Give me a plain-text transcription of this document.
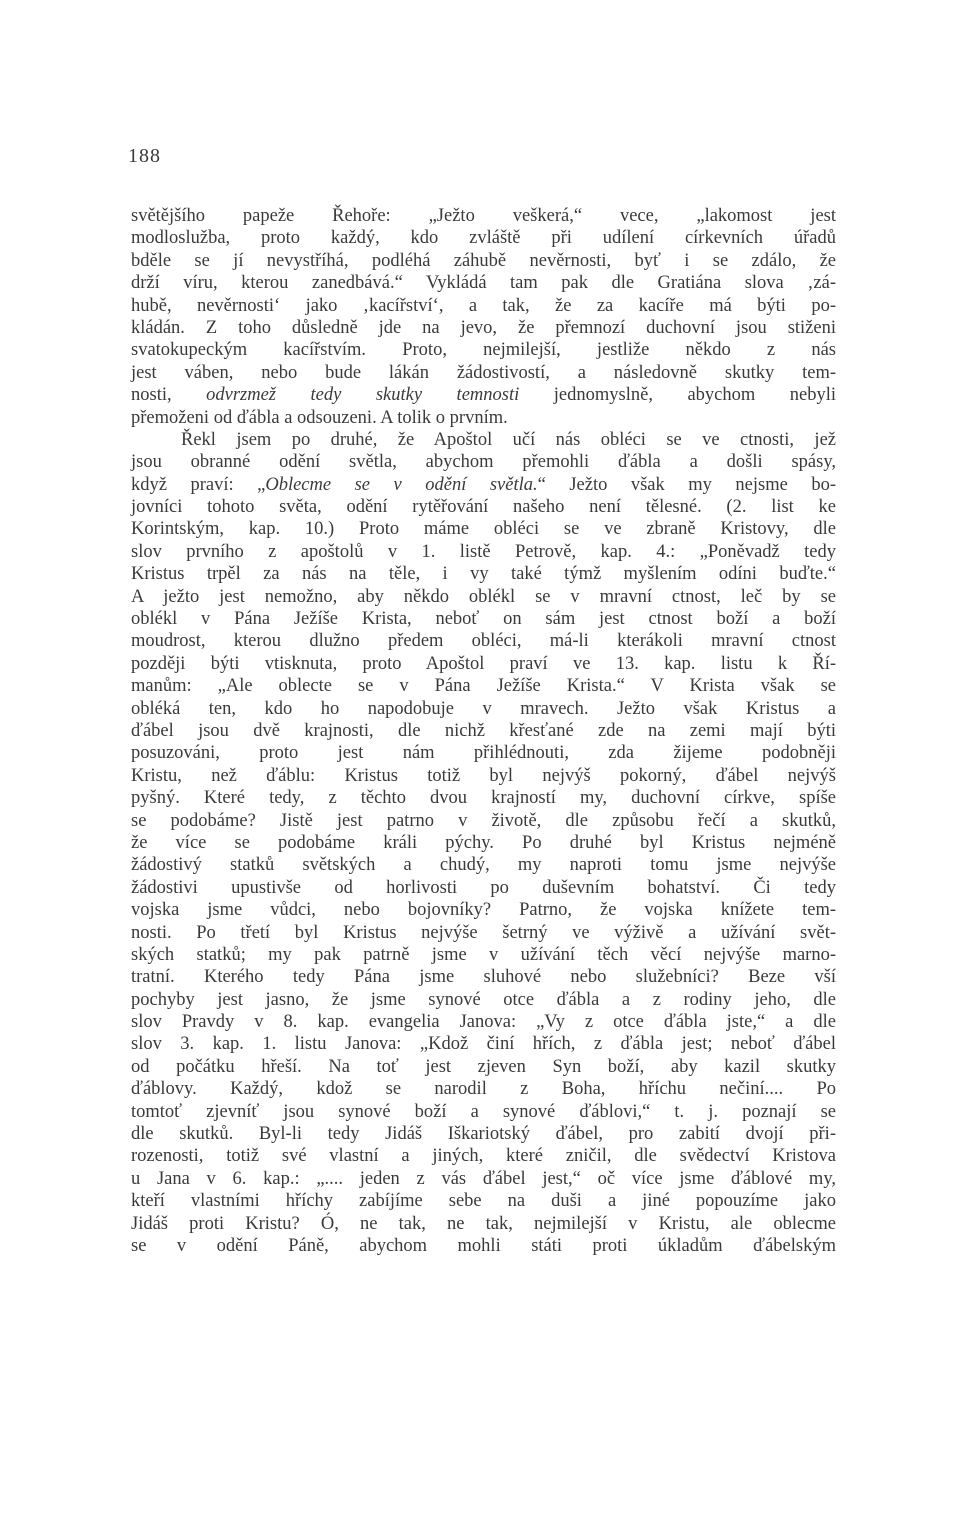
188
světějšího papeže Řehoře: „Ježto veškerá,“ vece, „lakomost jest
modloslužba, proto každý, kdo zvláště při udílení církevních úřadů
bděle se jí nevystříhá, podléhá záhubě nevěrnosti, byť i se zdálo, že
drží víru, kterou zanedbává.“ Vykládá tam pak dle Gratiána slova ‚zá-
hubě, nevěrnosti‘ jako ‚kacířství‘, a tak, že za kacíře má býti po-
kládán. Z toho důsledně jde na jevo, že přemnozí duchovní jsou stiženi
svatokupeckým kacířstvím. Proto, nejmilejší, jestliže někdo z nás
jest váben, nebo bude lákán žádostivostí, a následovně skutky tem-
nosti, odvrzmež tedy skutky temnosti jednomyslně, abychom nebyli
přemoženi od ďábla a odsouzeni. A tolik o prvním.
Řekl jsem po druhé, že Apoštol učí nás obléci se ve ctnosti, jež
jsou obranné odění světla, abychom přemohli ďábla a došli spásy,
když praví: „Oblecme se v odění světla.“ Ježto však my nejsme bo-
jovníci tohoto světa, odění rytěřování našeho není tělesné. (2. list ke
Korintským, kap. 10.) Proto máme obléci se ve zbraně Kristovy, dle
slov prvního z apoštolů v 1. listě Petrově, kap. 4.: „Poněvadž tedy
Kristus trpěl za nás na těle, i vy také týmž myšlením odíni buďte.“
A ježto jest nemožno, aby někdo oblékl se v mravní ctnost, leč by se
oblékl v Pána Ježíše Krista, neboť on sám jest ctnost boží a boží
moudrost, kterou dlužno předem obléci, má-li kterákoli mravní ctnost
později býti vtisknuta, proto Apoštol praví ve 13. kap. listu k Ří-
manům: „Ale oblecte se v Pána Ježíše Krista.“ V Krista však se
obléká ten, kdo ho napodobuje v mravech. Ježto však Kristus a
ďábel jsou dvě krajnosti, dle nichž křesťané zde na zemi mají býti
posuzováni, proto jest nám přihlédnouti, zda žijeme podobněji
Kristu, než ďáblu: Kristus totiž byl nejvýš pokorný, ďábel nejvýš
pyšný. Které tedy, z těchto dvou krajností my, duchovní církve, spíše
se podobáme? Jistě jest patrno v životě, dle způsobu řečí a skutků,
že více se podobáme králi pýchy. Po druhé byl Kristus nejméně
žádostivý statků světských a chudý, my naproti tomu jsme nejvýše
žádostivi upustivše od horlivosti po duševním bohatství. Či tedy
vojska jsme vůdci, nebo bojovníky? Patrno, že vojska knížete tem-
nosti. Po třetí byl Kristus nejvýše šetrný ve výživě a užívání svět-
ských statků; my pak patrně jsme v užívání těch věcí nejvýše marno-
tratní. Kterého tedy Pána jsme sluhové nebo služebníci? Beze vší
pochyby jest jasno, že jsme synové otce ďábla a z rodiny jeho, dle
slov Pravdy v 8. kap. evangelia Janova: „Vy z otce ďábla jste,“ a dle
slov 3. kap. 1. listu Janova: „Kdož činí hřích, z ďábla jest; neboť ďábel
od počátku hřeší. Na toť jest zjeven Syn boží, aby kazil skutky
ďáblovy. Každý, kdož se narodil z Boha, hříchu nečiní.... Po
tomtoť zjevníť jsou synové boží a synové ďáblovi,“ t. j. poznají se
dle skutků. Byl-li tedy Jidáš Iškariotský ďábel, pro zabití dvojí při-
rozenosti, totiž své vlastní a jiných, které zničil, dle svědectví Kristova
u Jana v 6. kap.: „.... jeden z vás ďábel jest,“ oč více jsme ďáblové my,
kteří vlastními hříchy zabíjíme sebe na duši a jiné popouzíme jako
Jidáš proti Kristu? Ó, ne tak, ne tak, nejmilejší v Kristu, ale oblecme
se v odění Páně, abychom mohli státi proti úkladům ďábelským
